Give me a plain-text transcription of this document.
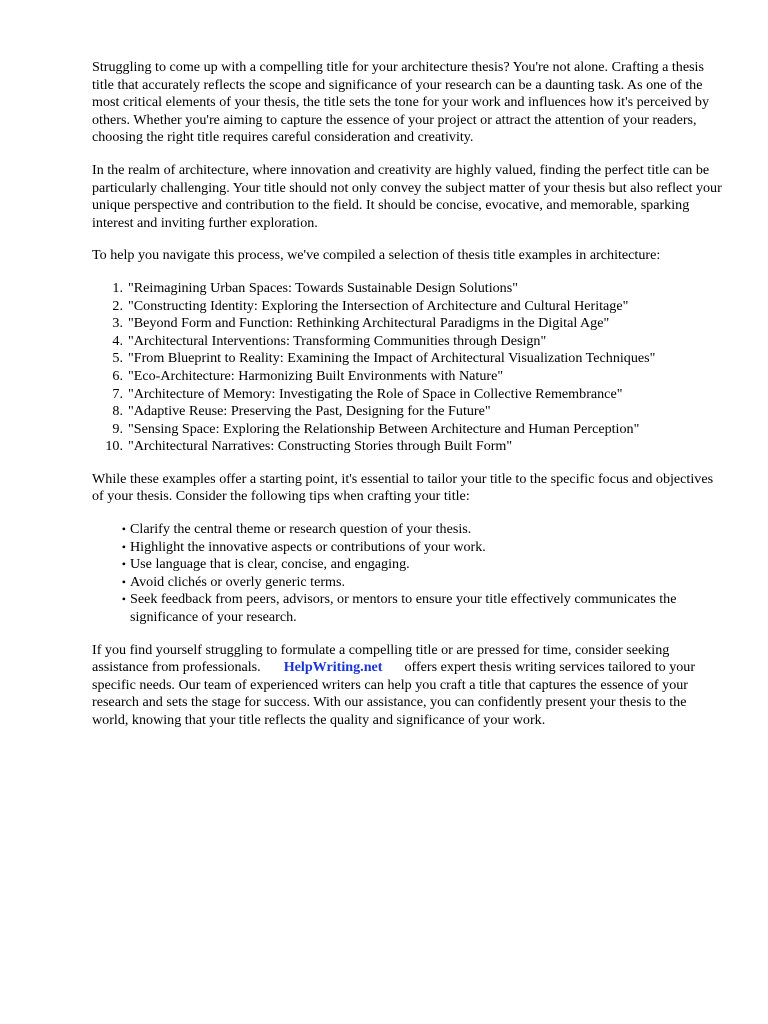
Struggling to come up with a compelling title for your architecture thesis? You're not alone. Crafting a thesis title that accurately reflects the scope and significance of your research can be a daunting task. As one of the most critical elements of your thesis, the title sets the tone for your work and influences how it's perceived by others. Whether you're aiming to capture the essence of your project or attract the attention of your readers, choosing the right title requires careful consideration and creativity.

In the realm of architecture, where innovation and creativity are highly valued, finding the perfect title can be particularly challenging. Your title should not only convey the subject matter of your thesis but also reflect your unique perspective and contribution to the field. It should be concise, evocative, and memorable, sparking interest and inviting further exploration.

To help you navigate this process, we've compiled a selection of thesis title examples in architecture:

1. "Reimagining Urban Spaces: Towards Sustainable Design Solutions"
2. "Constructing Identity: Exploring the Intersection of Architecture and Cultural Heritage"
3. "Beyond Form and Function: Rethinking Architectural Paradigms in the Digital Age"
4. "Architectural Interventions: Transforming Communities through Design"
5. "From Blueprint to Reality: Examining the Impact of Architectural Visualization Techniques"
6. "Eco-Architecture: Harmonizing Built Environments with Nature"
7. "Architecture of Memory: Investigating the Role of Space in Collective Remembrance"
8. "Adaptive Reuse: Preserving the Past, Designing for the Future"
9. "Sensing Space: Exploring the Relationship Between Architecture and Human Perception"
10. "Architectural Narratives: Constructing Stories through Built Form"

While these examples offer a starting point, it's essential to tailor your title to the specific focus and objectives of your thesis. Consider the following tips when crafting your title:

• Clarify the central theme or research question of your thesis.
• Highlight the innovative aspects or contributions of your work.
• Use language that is clear, concise, and engaging.
• Avoid clichés or overly generic terms.
• Seek feedback from peers, advisors, or mentors to ensure your title effectively communicates the significance of your research.

If you find yourself struggling to formulate a compelling title or are pressed for time, consider seeking assistance from professionals. HelpWriting.net offers expert thesis writing services tailored to your specific needs. Our team of experienced writers can help you craft a title that captures the essence of your research and sets the stage for success. With our assistance, you can confidently present your thesis to the world, knowing that your title reflects the quality and significance of your work.
